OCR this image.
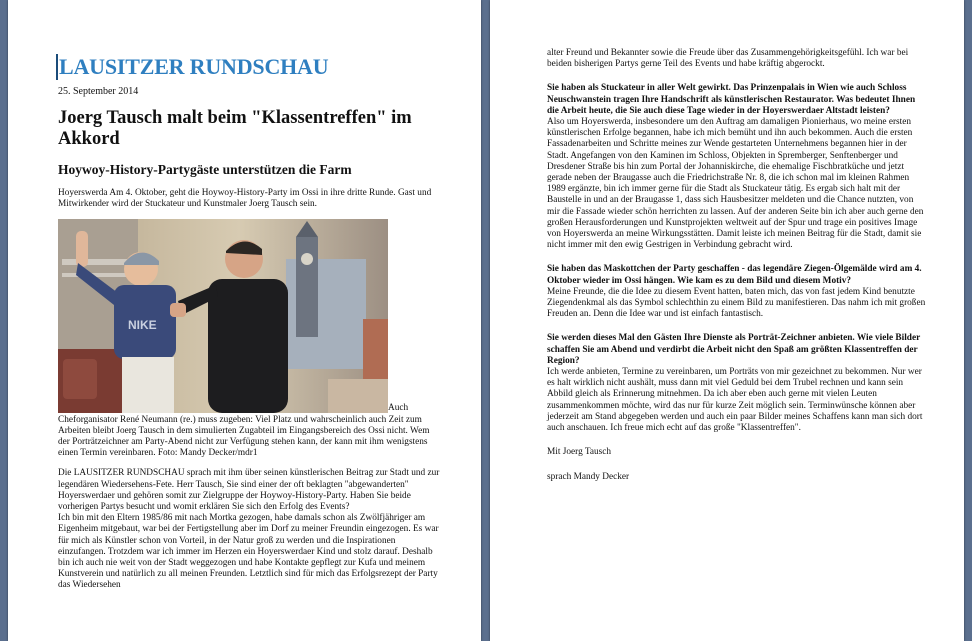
LAUSITZER RUNDSCHAU
25. September 2014
Joerg Tausch malt beim "Klassentreffen" im Akkord
Hoywoy-History-Partygäste unterstützen die Farm
Hoyerswerda Am 4. Oktober, geht die Hoywoy-History-Party im Ossi in ihre dritte Runde. Gast und Mitwirkender wird der Stuckateur und Kunstmaler Joerg Tausch sein.
NIKE
Auch
Cheforganisator René Neumann (re.) muss zugeben: Viel Platz und wahrscheinlich auch Zeit zum Arbeiten bleibt Joerg Tausch in dem simulierten Zugabteil im Eingangsbereich des Ossi nicht. Wem der Porträtzeichner am Party-Abend nicht zur Verfügung stehen kann, der kann mit ihm wenigstens einen Termin vereinbaren. Foto: Mandy Decker/mdr1
Die LAUSITZER RUNDSCHAU sprach mit ihm über seinen künstlerischen Beitrag zur Stadt und zur legendären Wiedersehens-Fete. Herr Tausch, Sie sind einer der oft beklagten "abgewanderten" Hoyerswerdaer und gehören somit zur Zielgruppe der Hoywoy-History-Party. Haben Sie beide vorherigen Partys besucht und womit erklären Sie sich den Erfolg des Events?
Ich bin mit den Eltern 1985/86 mit nach Mortka gezogen, habe damals schon als Zwölfjähriger am Eigenheim mitgebaut, war bei der Fertigstellung aber im Dorf zu meiner Freundin eingezogen. Es war für mich als Künstler schon von Vorteil, in der Natur groß zu werden und die Inspirationen einzufangen. Trotzdem war ich immer im Herzen ein Hoyerswerdaer Kind und stolz darauf. Deshalb bin ich auch nie weit von der Stadt weggezogen und habe Kontakte gepflegt zur Kufa und meinem Kunstverein und natürlich zu all meinen Freunden. Letztlich sind für mich das Erfolgsrezept der Party das Wiedersehen
alter Freund und Bekannter sowie die Freude über das Zusammengehörigkeitsgefühl. Ich war bei beiden bisherigen Partys gerne Teil des Events und habe kräftig abgerockt.
Sie haben als Stuckateur in aller Welt gewirkt. Das Prinzenpalais in Wien wie auch Schloss Neuschwanstein tragen Ihre Handschrift als künstlerischen Restaurator. Was bedeutet Ihnen die Arbeit heute, die Sie auch diese Tage wieder in der Hoyerswerdaer Altstadt leisten?
Also um Hoyerswerda, insbesondere um den Auftrag am damaligen Pionierhaus, wo meine ersten künstlerischen Erfolge begannen, habe ich mich bemüht und ihn auch bekommen. Auch die ersten Fassadenarbeiten und Schritte meines zur Wende gestarteten Unternehmens begannen hier in der Stadt. Angefangen von den Kaminen im Schloss, Objekten in Spremberger, Senftenberger und Dresdener Straße bis hin zum Portal der Johanniskirche, die ehemalige Fischbratküche und jetzt gerade neben der Braugasse auch die Friedrichstraße Nr. 8, die ich schon mal im kleinen Rahmen 1989 ergänzte, bin ich immer gerne für die Stadt als Stuckateur tätig. Es ergab sich halt mit der Baustelle in und an der Braugasse 1, dass sich Hausbesitzer meldeten und die Chance nutzten, von mir die Fassade wieder schön herrichten zu lassen. Auf der anderen Seite bin ich aber auch gerne den großen Herausforderungen und Kunstprojekten weltweit auf der Spur und trage ein positives Image von Hoyerswerda an meine Wirkungsstätten. Damit leiste ich meinen Beitrag für die Stadt, damit sie nicht immer mit den ewig Gestrigen in Verbindung gebracht wird.
Sie haben das Maskottchen der Party geschaffen - das legendäre Ziegen-Ölgemälde wird am 4. Oktober wieder im Ossi hängen. Wie kam es zu dem Bild und diesem Motiv?
Meine Freunde, die die Idee zu diesem Event hatten, baten mich, das von fast jedem Kind benutzte Ziegendenkmal als das Symbol schlechthin zu einem Bild zu manifestieren. Das nahm ich mit großen Freuden an. Denn die Idee war und ist einfach fantastisch.
Sie werden dieses Mal den Gästen Ihre Dienste als Porträt-Zeichner anbieten. Wie viele Bilder schaffen Sie am Abend und verdirbt die Arbeit nicht den Spaß am größten Klassentreffen der Region?
Ich werde anbieten, Termine zu vereinbaren, um Porträts von mir gezeichnet zu bekommen. Nur wer es halt wirklich nicht aushält, muss dann mit viel Geduld bei dem Trubel rechnen und kann sein Abbild gleich als Erinnerung mitnehmen. Da ich aber eben auch gerne mit vielen Leuten zusammenkommen möchte, wird das nur für kurze Zeit möglich sein. Terminwünsche können aber jederzeit am Stand abgegeben werden und auch ein paar Bilder meines Schaffens kann man sich dort auch anschauen. Ich freue mich echt auf das große "Klassentreffen".
Mit Joerg Tausch
sprach Mandy Decker
